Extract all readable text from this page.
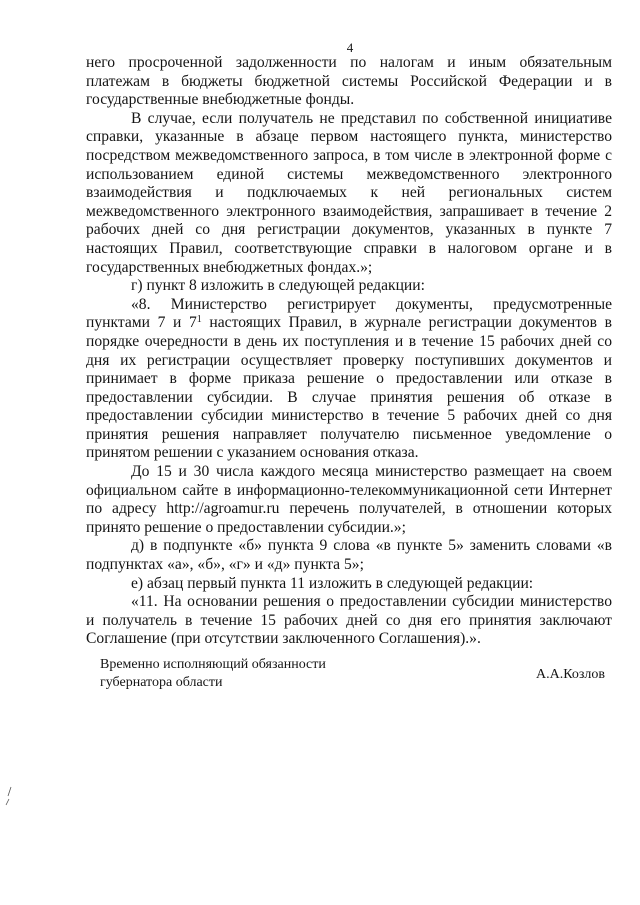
4

него просроченной задолженности по налогам и иным обязательным платежам в бюджеты бюджетной системы Российской Федерации и в государственные внебюджетные фонды.

В случае, если получатель не представил по собственной инициативе справки, указанные в абзаце первом настоящего пункта, министерство посредством межведомственного запроса, в том числе в электронной форме с использованием единой системы межведомственного электронного взаимодействия и подключаемых к ней региональных систем межведомственного электронного взаимодействия, запрашивает в течение 2 рабочих дней со дня регистрации документов, указанных в пункте 7 настоящих Правил, соответствующие справки в налоговом органе и в государственных внебюджетных фондах.»;

г) пункт 8 изложить в следующей редакции:

«8. Министерство регистрирует документы, предусмотренные пунктами 7 и $7^1$ настоящих Правил, в журнале регистрации документов в порядке очередности в день их поступления и в течение 15 рабочих дней со дня их регистрации осуществляет проверку поступивших документов и принимает в форме приказа решение о предоставлении или отказе в предоставлении субсидии. В случае принятия решения об отказе в предоставлении субсидии министерство в течение 5 рабочих дней со дня принятия решения направляет получателю письменное уведомление о принятом решении с указанием основания отказа.

До 15 и 30 числа каждого месяца министерство размещает на своем официальном сайте в информационно-телекоммуникационной сети Интернет по адресу http://agroamur.ru перечень получателей, в отношении которых принято решение о предоставлении субсидии.»;

д) в подпункте «б» пункта 9 слова «в пункте 5» заменить словами «в подпунктах «а», «б», «г» и «д» пункта 5»;

е) абзац первый пункта 11 изложить в следующей редакции:

«11. На основании решения о предоставлении субсидии министерство и получатель в течение 15 рабочих дней со дня его принятия заключают Соглашение (при отсутствии заключенного Соглашения).».

Временно исполняющий обязанности
губернатора области
А.А.Козлов
